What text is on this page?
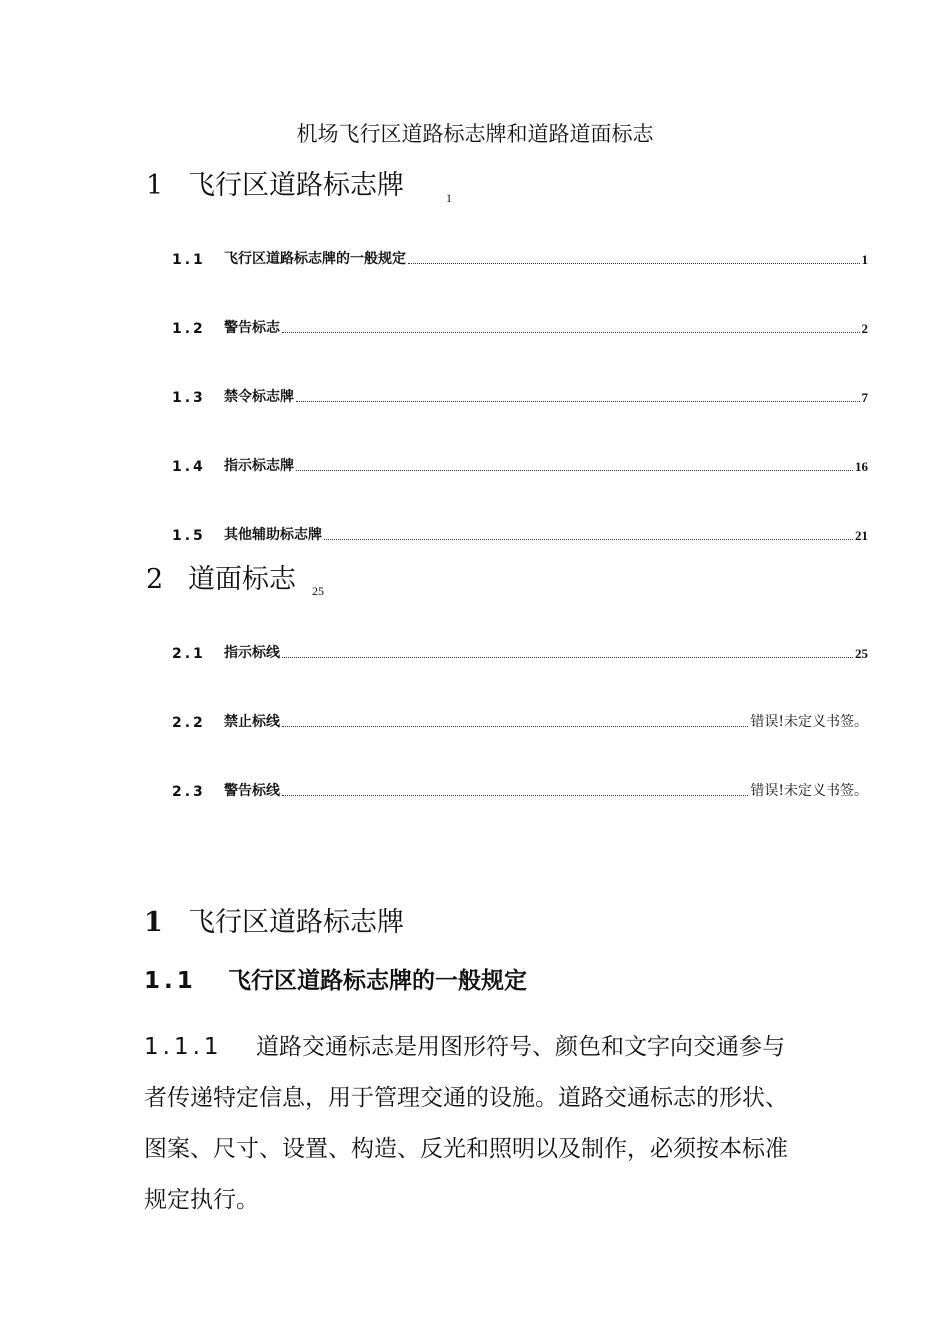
机场飞行区道路标志牌和道路道面标志
1 飞行区道路标志牌	1
1.1	飞行区道路标志牌的一般规定	1
1.2	警告标志	2
1.3	禁令标志牌	7
1.4	指示标志牌	16
1.5	其他辅助标志牌	21
2 道面标志 25
2.1	指示标线	25
2.2	禁止标线	错误!未定义书签。
2.3	警告标线	错误!未定义书签。
1 飞行区道路标志牌
1.1 飞行区道路标志牌的一般规定
1.1.1 道路交通标志是用图形符号、颜色和文字向交通参与
者传递特定信息，用于管理交通的设施。道路交通标志的形状、
图案、尺寸、设置、构造、反光和照明以及制作，必须按本标准
规定执行。
